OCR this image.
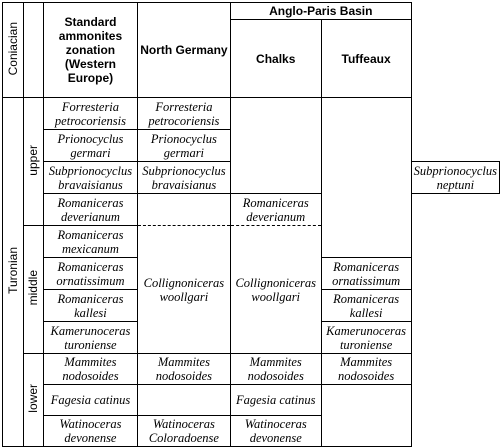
Coniacian		Standard ammonites zonation (Western Europe)	North Germany	Anglo-Paris Basin		
				Chalks	Tuffeaux	
Turonian	upper	Forresteria petrocoriensis	Forresteria petrocoriensis			
		Prionocyclus germari	Prionocyclus germari			
		Subprionocyclus bravaisianus	Subprionocyclus bravaisianus			Subprionocyclus neptuni
		Romaniceras deverianum		Romaniceras deverianum		
	middle	Romaniceras mexicanum	Collignoniceras woollgari	Collignoniceras woollgari		
		Romaniceras ornatissimum			Romaniceras ornatissimum	
		Romaniceras kallesi			Romaniceras kallesi	
		Kamerunoceras turoniense			Kamerunoceras turoniense	
	lower	Mammites nodosoides	Mammites nodosoides	Mammites nodosoides	Mammites nodosoides	
		Fagesia catinus		Fagesia catinus		
		Watinoceras devonense	Watinoceras Coloradoense	Watinoceras devonense		
